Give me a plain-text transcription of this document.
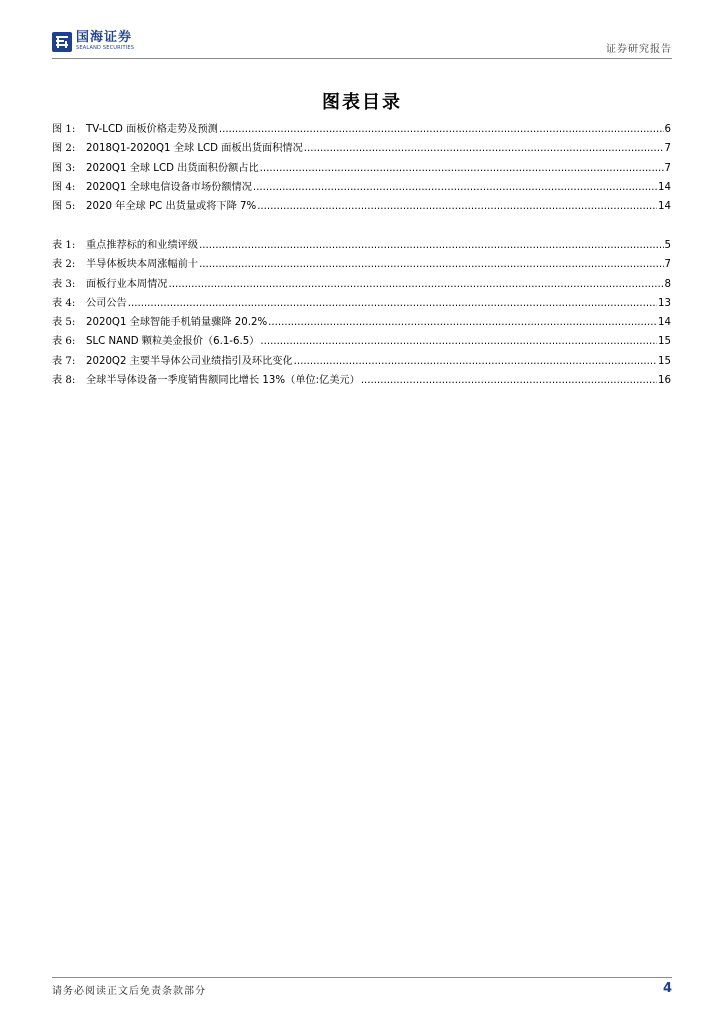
国海证券
SEALAND SECURITIES	证券研究报告
图表目录
图 1:	TV-LCD 面板价格走势及预测 .....	6
图 2:	2018Q1-2020Q1 全球 LCD 面板出货面积情况 .....	7
图 3:	2020Q1 全球 LCD 出货面积份额占比 .....	7
图 4:	2020Q1 全球电信设备市场份额情况 .....	14
图 5:	2020 年全球 PC 出货量或将下降 7% .....	14
表 1:	重点推荐标的和业绩评级 .....	5
表 2:	半导体板块本周涨幅前十 .....	7
表 3:	面板行业本周情况 .....	8
表 4:	公司公告 .....	13
表 5:	2020Q1 全球智能手机销量骤降 20.2% .....	14
表 6:	SLC NAND 颗粒美金报价（6.1-6.5） .....	15
表 7:	2020Q2 主要半导体公司业绩指引及环比变化 .....	15
表 8:	全球半导体设备一季度销售额同比增长 13%（单位:亿美元） .....	16
请务必阅读正文后免责条款部分	4
